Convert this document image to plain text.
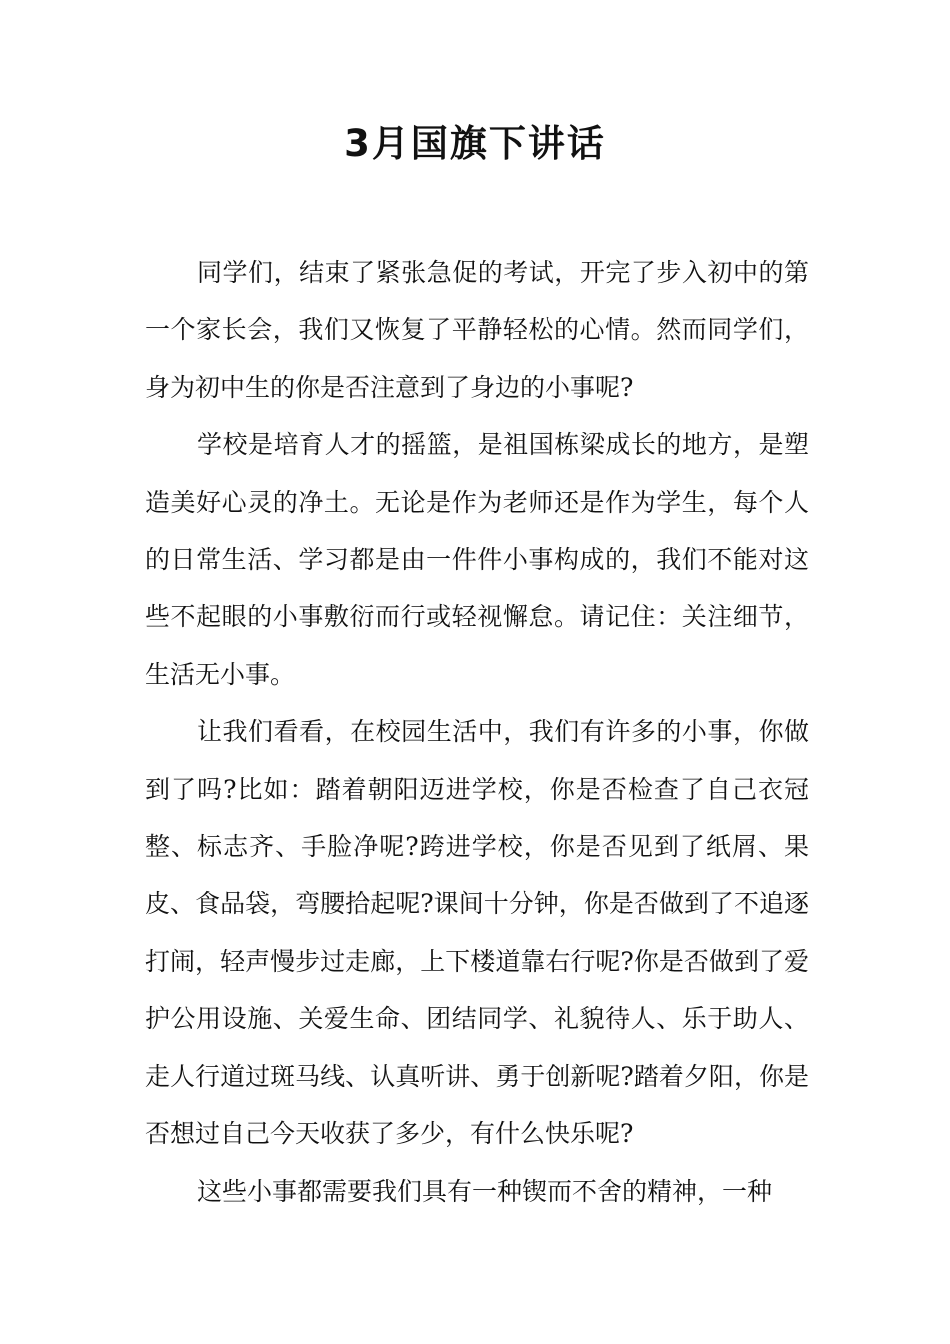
3月国旗下讲话

同学们，结束了紧张急促的考试，开完了步入初中的第一个家长会，我们又恢复了平静轻松的心情。然而同学们，身为初中生的你是否注意到了身边的小事呢?

学校是培育人才的摇篮，是祖国栋梁成长的地方，是塑造美好心灵的净土。无论是作为老师还是作为学生，每个人的日常生活、学习都是由一件件小事构成的，我们不能对这些不起眼的小事敷衍而行或轻视懈怠。请记住：关注细节，生活无小事。

让我们看看，在校园生活中，我们有许多的小事，你做到了吗?比如：踏着朝阳迈进学校，你是否检查了自己衣冠整、标志齐、手脸净呢?跨进学校，你是否见到了纸屑、果皮、食品袋，弯腰拾起呢?课间十分钟，你是否做到了不追逐打闹，轻声慢步过走廊，上下楼道靠右行呢?你是否做到了爱护公用设施、关爱生命、团结同学、礼貌待人、乐于助人、走人行道过斑马线、认真听讲、勇于创新呢?踏着夕阳，你是否想过自己今天收获了多少，有什么快乐呢?

这些小事都需要我们具有一种锲而不舍的精神，一种
